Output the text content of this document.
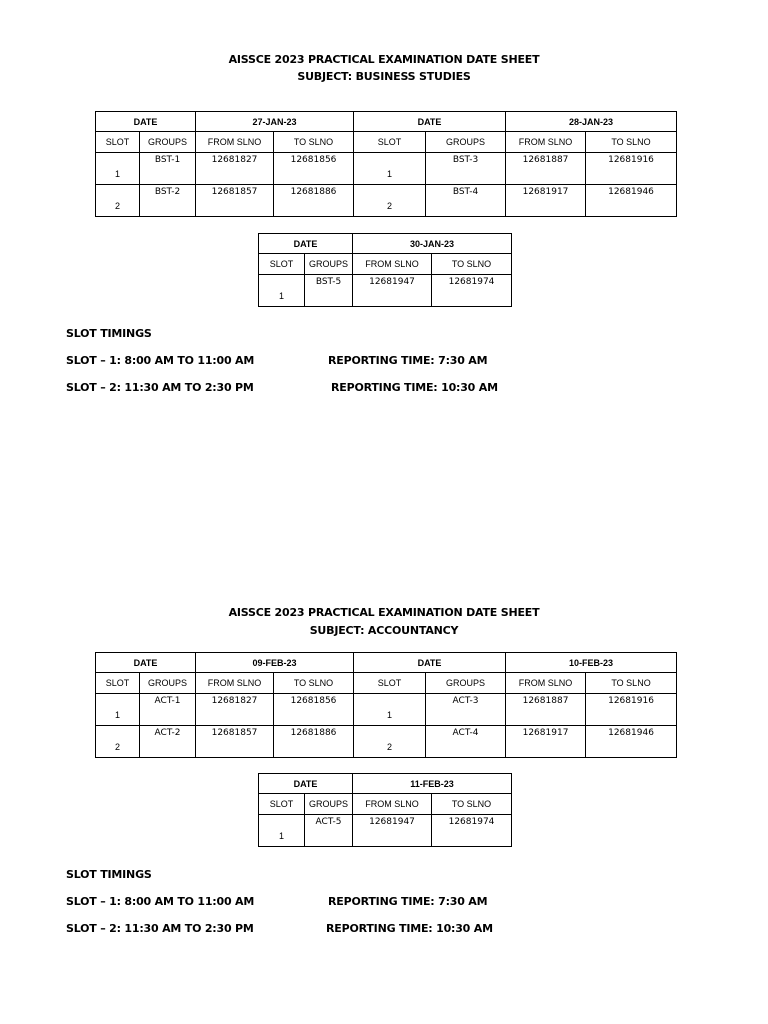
AISSCE 2023 PRACTICAL EXAMINATION DATE SHEET
SUBJECT: BUSINESS STUDIES
DATE		27-JAN-23		DATE		28-JAN-23	
SLOT	GROUPS	FROM SLNO	TO SLNO	SLOT	GROUPS	FROM SLNO	TO SLNO
1	BST-1	12681827	12681856	1	BST-3	12681887	12681916
2	BST-2	12681857	12681886	2	BST-4	12681917	12681946
DATE		30-JAN-23	
SLOT	GROUPS	FROM SLNO	TO SLNO
1	BST-5	12681947	12681974
SLOT TIMINGS
SLOT – 1: 8:00 AM TO 11:00 AM	REPORTING TIME: 7:30 AM
SLOT – 2: 11:30 AM TO 2:30 PM	REPORTING TIME: 10:30 AM
AISSCE 2023 PRACTICAL EXAMINATION DATE SHEET
SUBJECT: ACCOUNTANCY
DATE		09-FEB-23		DATE		10-FEB-23	
SLOT	GROUPS	FROM SLNO	TO SLNO	SLOT	GROUPS	FROM SLNO	TO SLNO
1	ACT-1	12681827	12681856	1	ACT-3	12681887	12681916
2	ACT-2	12681857	12681886	2	ACT-4	12681917	12681946
DATE		11-FEB-23	
SLOT	GROUPS	FROM SLNO	TO SLNO
1	ACT-5	12681947	12681974
SLOT TIMINGS
SLOT – 1: 8:00 AM TO 11:00 AM	REPORTING TIME: 7:30 AM
SLOT – 2: 11:30 AM TO 2:30 PM	REPORTING TIME: 10:30 AM
